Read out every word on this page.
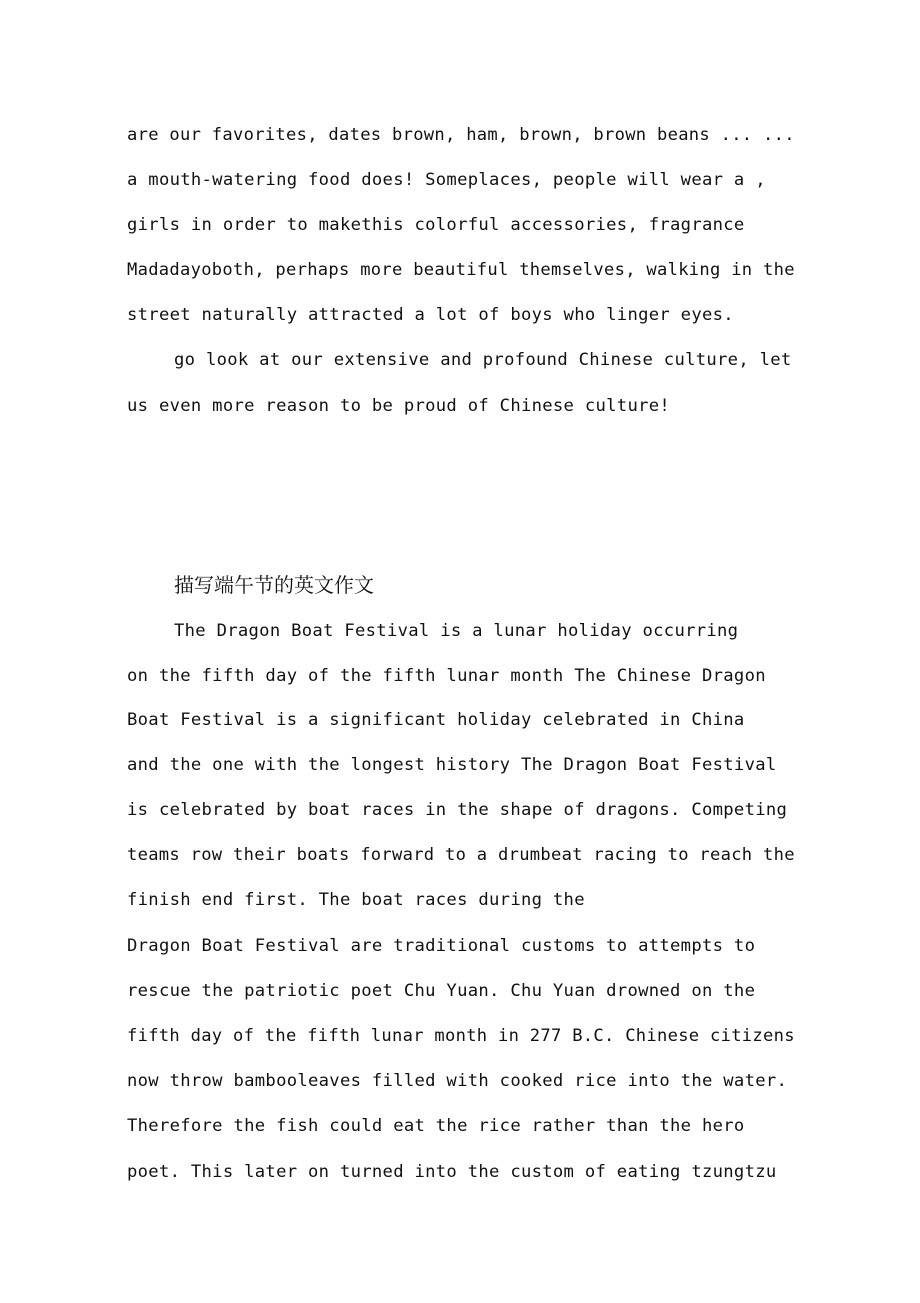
are our favorites, dates brown, ham, brown, brown beans ... ...
a mouth-watering food does! Someplaces, people will wear a ,
girls in order to makethis colorful accessories, fragrance
Madadayoboth, perhaps more beautiful themselves, walking in the
street naturally attracted a lot of boys who linger eyes.
go look at our extensive and profound Chinese culture, let
us even more reason to be proud of Chinese culture!
描写端午节的英文作文
The Dragon Boat Festival is a lunar holiday occurring
on the fifth day of the fifth lunar month The Chinese Dragon
Boat Festival is a significant holiday celebrated in China
and the one with the longest history The Dragon Boat Festival
is celebrated by boat races in the shape of dragons. Competing
teams row their boats forward to a drumbeat racing to reach the
finish end first. The boat races during the
Dragon Boat Festival are traditional customs to attempts to
rescue the patriotic poet Chu Yuan. Chu Yuan drowned on the
fifth day of the fifth lunar month in 277 B.C. Chinese citizens
now throw bambooleaves filled with cooked rice into the water.
Therefore the fish could eat the rice rather than the hero
poet. This later on turned into the custom of eating tzungtzu
